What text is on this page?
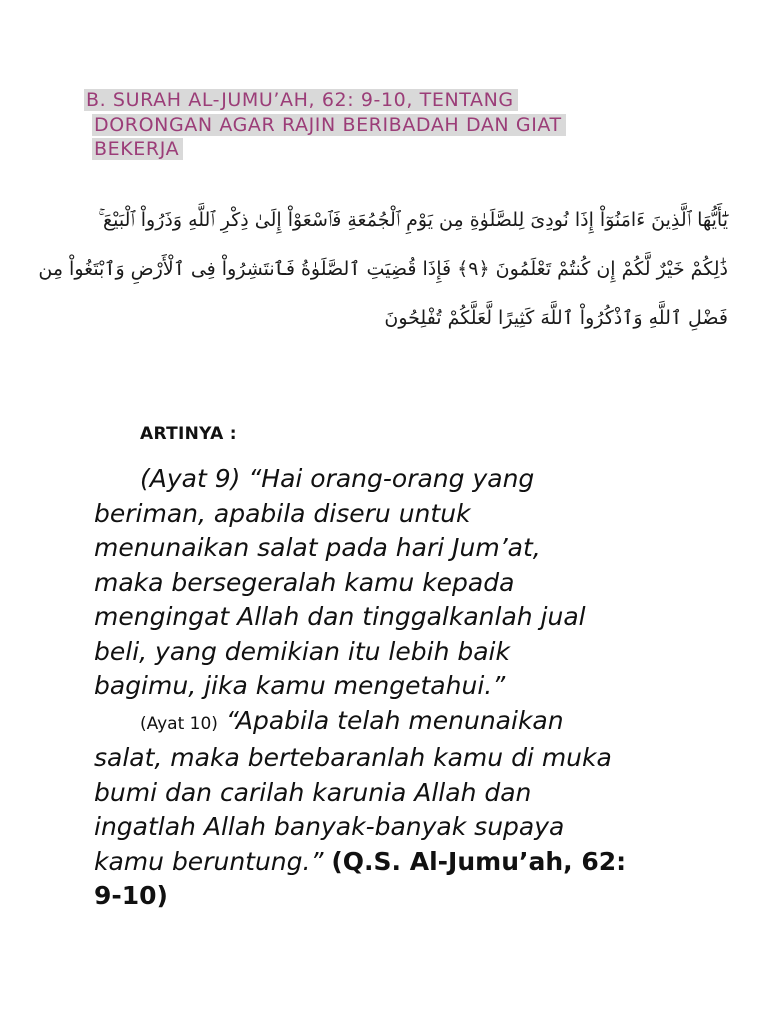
B. SURAH AL-JUMU’AH, 62: 9-10, TENTANG
DORONGAN AGAR RAJIN BERIBADAH DAN GIAT
BEKERJA
يَٰٓأَيُّهَا ٱلَّذِينَ ءَامَنُوٓاْ إِذَا نُودِىَ لِلصَّلَوٰةِ مِن يَوْمِ ٱلْجُمُعَةِ فَٱسْعَوْاْ إِلَىٰ ذِكْرِ ٱللَّهِ وَذَرُواْ ٱلْبَيْعَ ۚ
ذَٰلِكُمْ خَيْرٌ لَّكُمْ إِن كُنتُمْ تَعْلَمُونَ ﴿٩﴾ فَإِذَا قُضِيَتِ ٱلصَّلَوٰةُ فَٱنتَشِرُواْ فِى ٱلْأَرْضِ وَٱبْتَغُواْ مِن
فَضْلِ ٱللَّهِ وَٱذْكُرُواْ ٱللَّهَ كَثِيرًا لَّعَلَّكُمْ تُفْلِحُونَ
ARTINYA :
(Ayat 9) “Hai orang-orang yang
beriman, apabila diseru untuk
menunaikan salat pada hari Jum’at,
maka bersegeralah kamu kepada
mengingat Allah dan tinggalkanlah jual
beli, yang demikian itu lebih baik
bagimu, jika kamu mengetahui.”
(Ayat 10) “Apabila telah menunaikan
salat, maka bertebaranlah kamu di muka
bumi dan carilah karunia Allah dan
ingatlah Allah banyak-banyak supaya
kamu beruntung.” (Q.S. Al-Jumu’ah, 62:
9-10)
